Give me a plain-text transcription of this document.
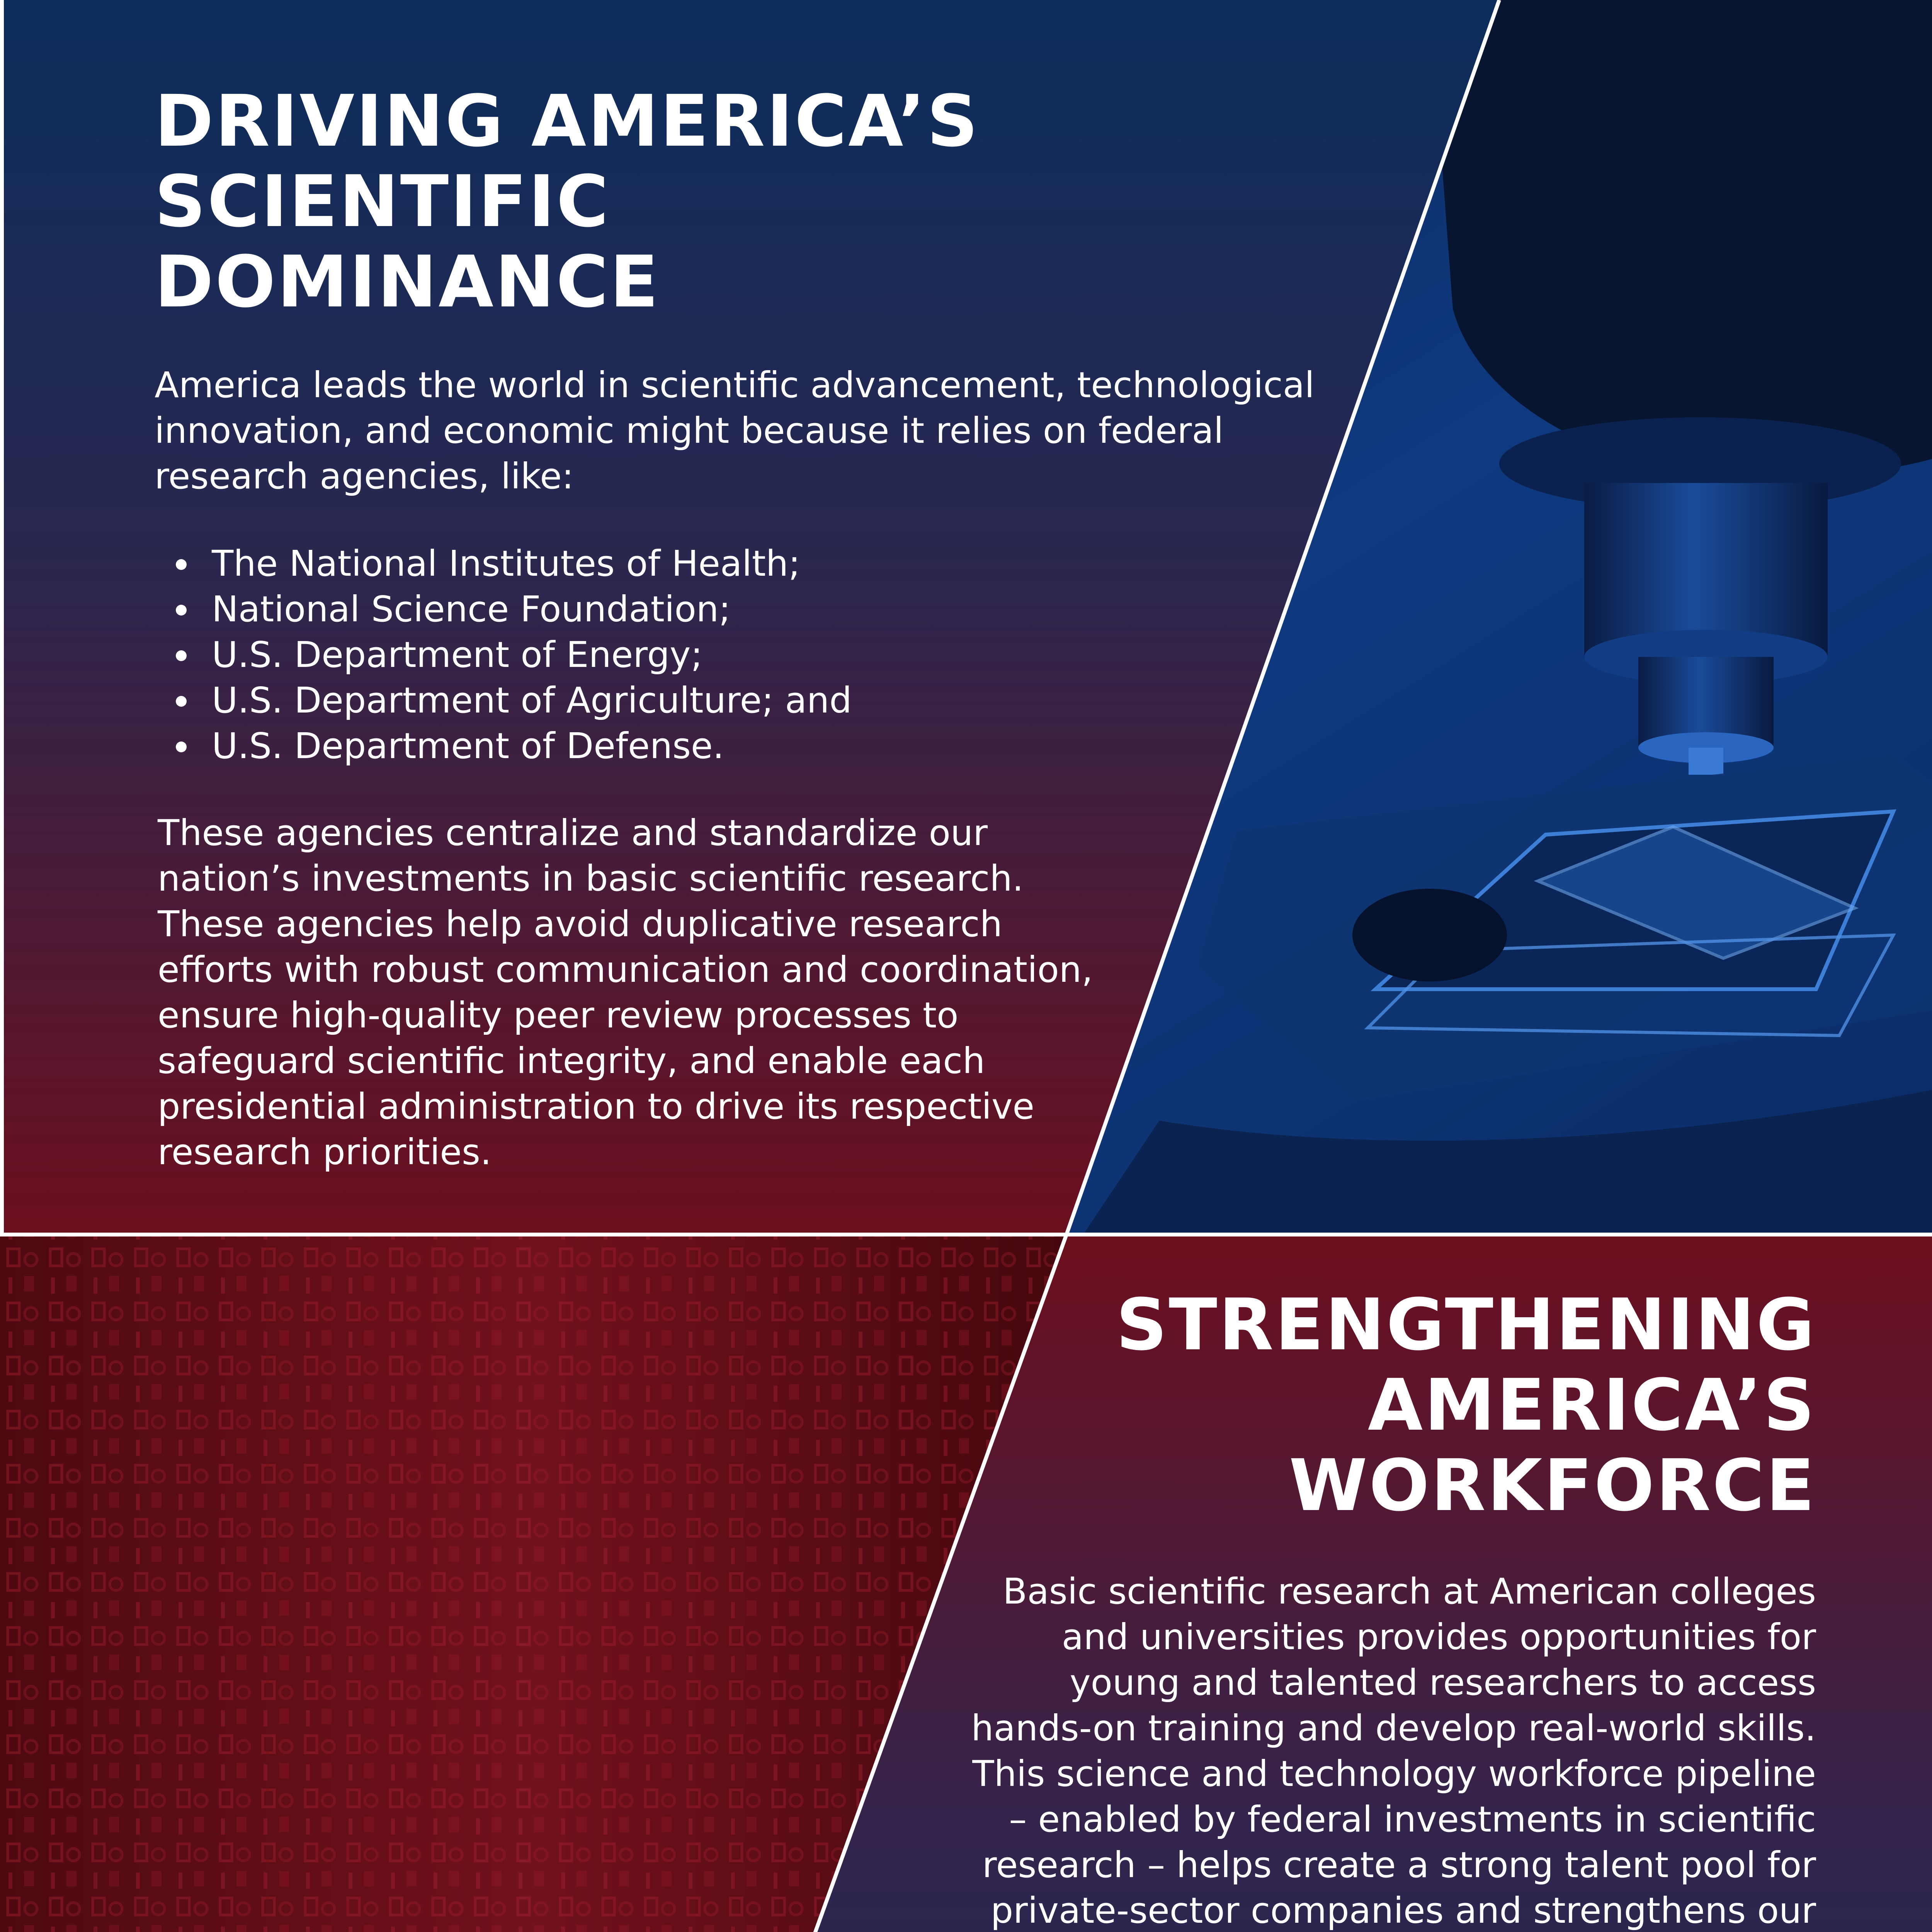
DRIVING AMERICA’S
SCIENTIFIC
DOMINANCE

America leads the world in scientific advancement, technological
innovation, and economic might because it relies on federal
research agencies, like:

The National Institutes of Health;
National Science Foundation;
U.S. Department of Energy;
U.S. Department of Agriculture; and
U.S. Department of Defense.

These agencies centralize and standardize our
nation’s investments in basic scientific research.
These agencies help avoid duplicative research
efforts with robust communication and coordination,
ensure high-quality peer review processes to
safeguard scientific integrity, and enable each
presidential administration to drive its respective
research priorities.

STRENGTHENING
AMERICA’S
WORKFORCE

Basic scientific research at American colleges
and universities provides opportunities for
young and talented researchers to access
hands-on training and develop real-world skills.
This science and technology workforce pipeline
– enabled by federal investments in scientific
research – helps create a strong talent pool for
private-sector companies and strengthens our
